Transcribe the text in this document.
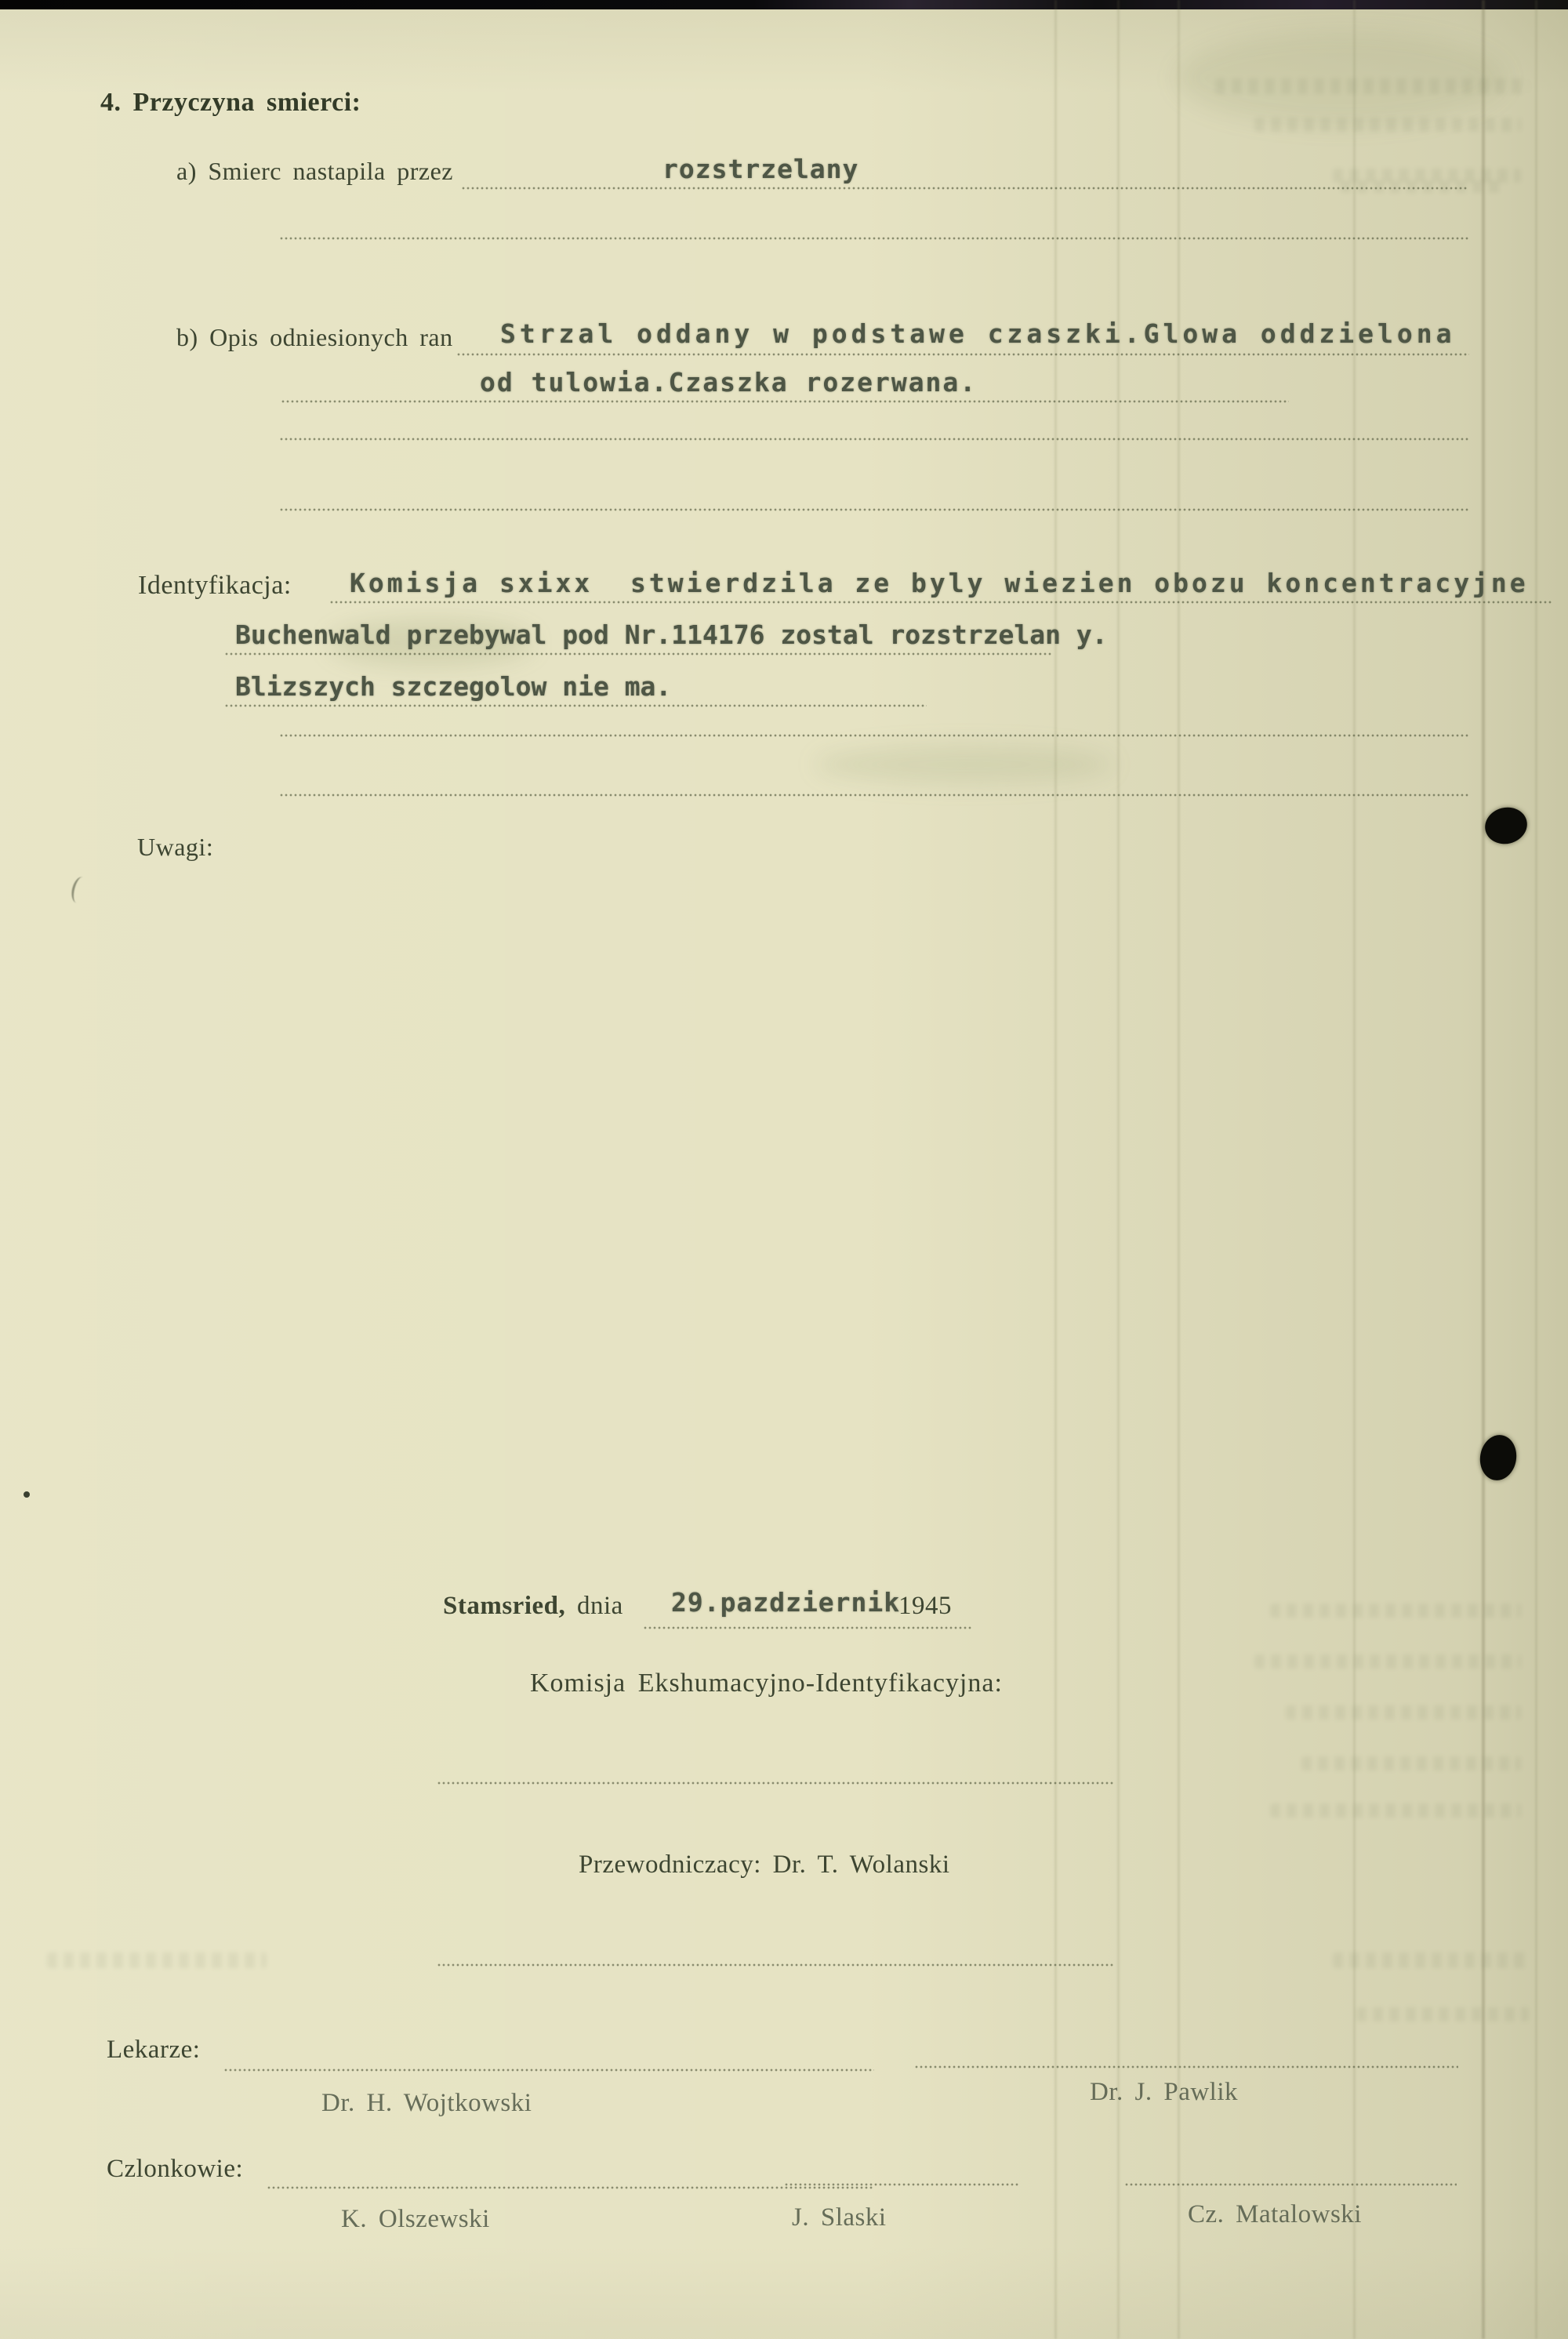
4. Przyczyna smierci:
a) Smierc nastapila przez	rozstrzelany
b) Opis odniesionych ran Strzal oddany w podstawe czaszki.Glowa oddzielona
od tulowia.Czaszka rozerwana.
Identyfikacja: Komisja sxixx  stwierdzila ze byly wiezien obozu koncentracyjne
Buchenwald przebywal pod Nr.114176 zostal rozstrzelan y.
Blizszych szczegolow nie ma.
Uwagi:
Stamsried, dnia 29.pazdziernik
1945
Komisja Ekshumacyjno-Identyfikacyjna:
Przewodniczacy: Dr. T. Wolanski
Lekarze:
Dr. H. Wojtkowski	Dr. J. Pawlik
Czlonkowie:
K. Olszewski	J. Slaski	Cz. Matalowski
